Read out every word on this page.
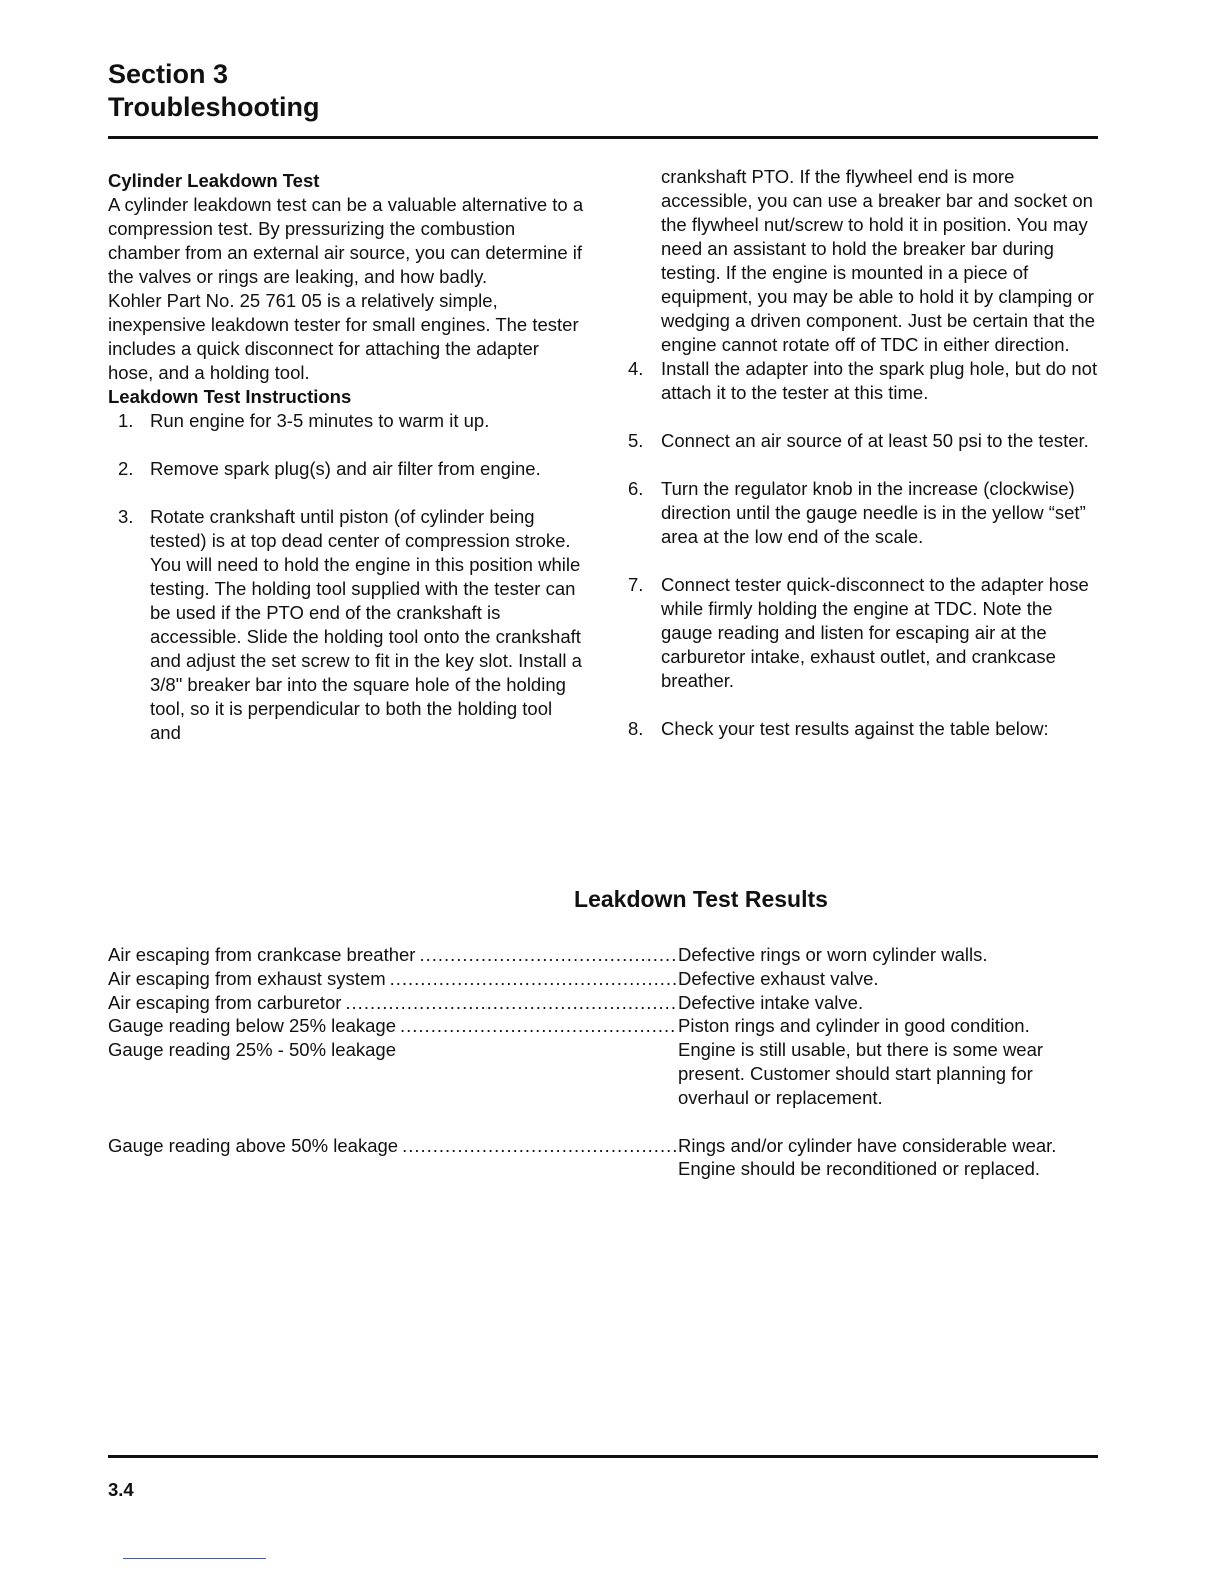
Section 3

Troubleshooting

Cylinder Leakdown Test

A cylinder leakdown test can be a valuable alternative to a compression test. By pressurizing the combustion chamber from an external air source, you can determine if the valves or rings are leaking, and how badly.

Kohler Part No. 25 761 05 is a relatively simple, inexpensive leakdown tester for small engines. The tester includes a quick disconnect for attaching the adapter hose, and a holding tool.

Leakdown Test Instructions

1. Run engine for 3-5 minutes to warm it up.
2. Remove spark plug(s) and air filter from engine.
3. Rotate crankshaft until piston (of cylinder being tested) is at top dead center of compression stroke. You will need to hold the engine in this position while testing. The holding tool supplied with the tester can be used if the PTO end of the crankshaft is accessible. Slide the holding tool onto the crankshaft and adjust the set screw to fit in the key slot. Install a 3/8" breaker bar into the square hole of the holding tool, so it is perpendicular to both the holding tool and

crankshaft PTO. If the flywheel end is more accessible, you can use a breaker bar and socket on the flywheel nut/screw to hold it in position. You may need an assistant to hold the breaker bar during testing. If the engine is mounted in a piece of equipment, you may be able to hold it by clamping or wedging a driven component. Just be certain that the engine cannot rotate off of TDC in either direction.

4. Install the adapter into the spark plug hole, but do not attach it to the tester at this time.
5. Connect an air source of at least 50 psi to the tester.
6. Turn the regulator knob in the increase (clockwise) direction until the gauge needle is in the yellow “set” area at the low end of the scale.
7. Connect tester quick-disconnect to the adapter hose while firmly holding the engine at TDC. Note the gauge reading and listen for escaping air at the carburetor intake, exhaust outlet, and crankcase breather.
8. Check your test results against the table below:

Leakdown Test Results

Air escaping from crankcase breather .....	Defective rings or worn cylinder walls.
Air escaping from exhaust system .....	Defective exhaust valve.
Air escaping from carburetor .....	Defective intake valve.
Gauge reading below 25% leakage .....	Piston rings and cylinder in good condition.
Gauge reading 25% - 50% leakage	Engine is still usable, but there is some wear present. Customer should start planning for overhaul or replacement.
Gauge reading above 50% leakage .....	Rings and/or cylinder have considerable wear. Engine should be reconditioned or replaced.

3.4
